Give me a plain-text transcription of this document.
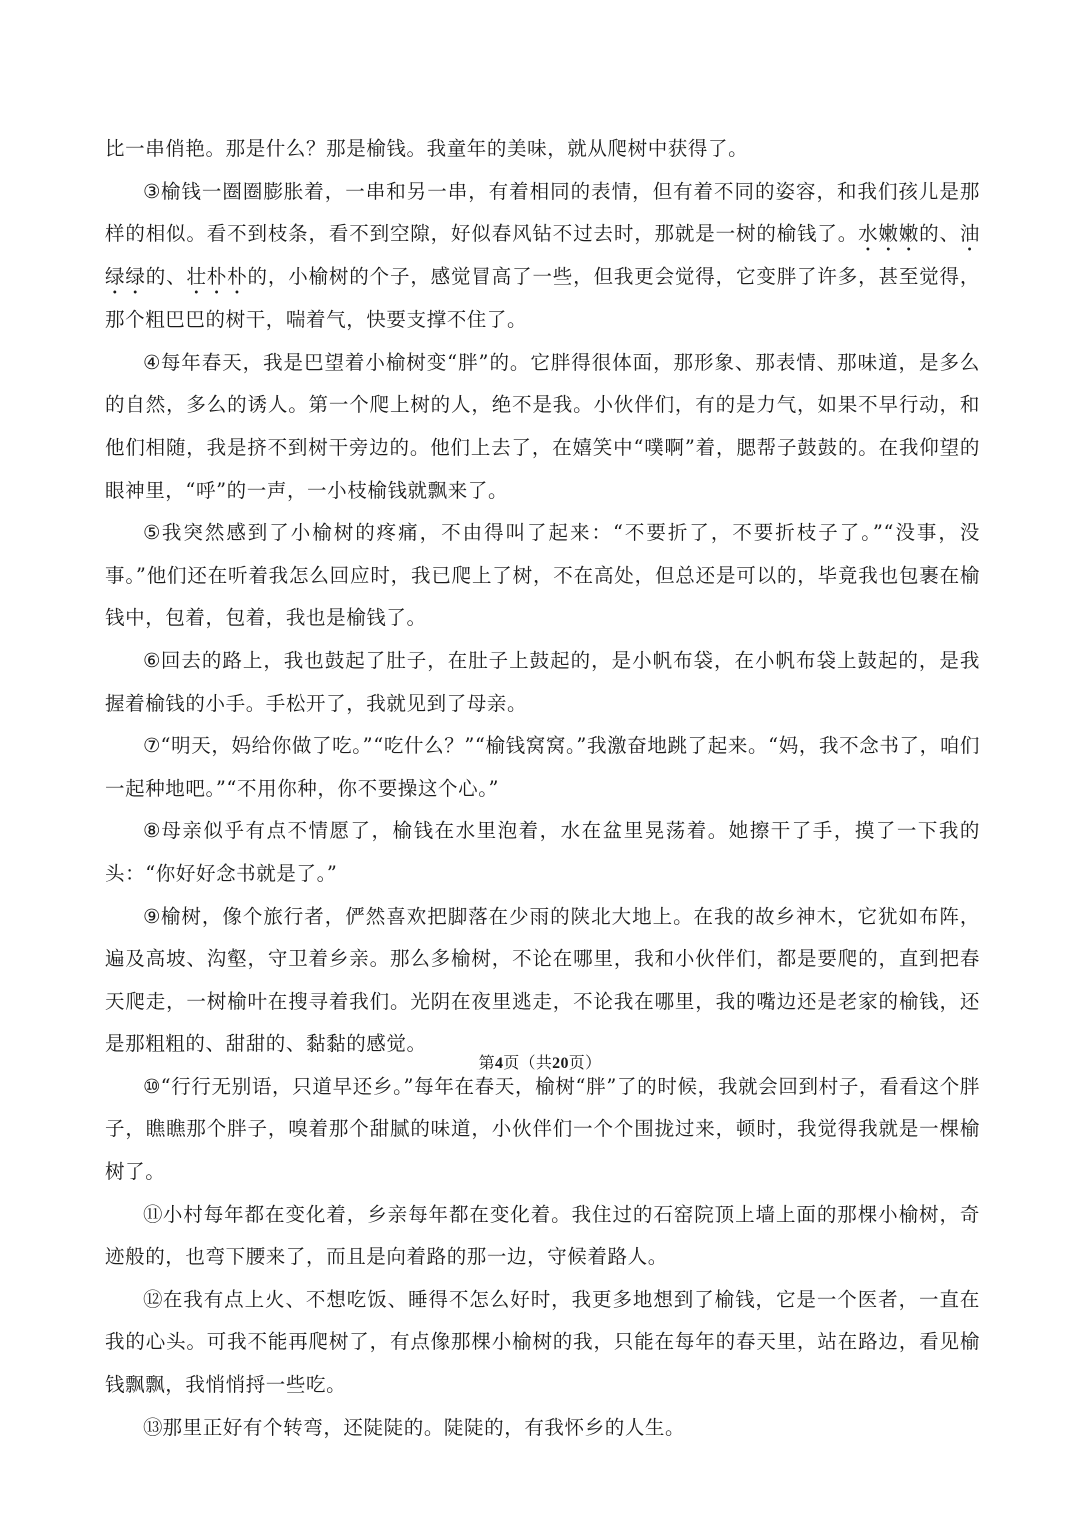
比一串俏艳。那是什么？那是榆钱。我童年的美味，就从爬树中获得了。

③榆钱一圈圈膨胀着，一串和另一串，有着相同的表情，但有着不同的姿容，和我们孩儿是那样的相似。看不到枝条，看不到空隙，好似春风钻不过去时，那就是一树的榆钱了。水嫩嫩的、油绿绿的、壮朴朴的，小榆树的个子，感觉冒高了一些，但我更会觉得，它变胖了许多，甚至觉得，那个粗巴巴的树干，喘着气，快要支撑不住了。

④每年春天，我是巴望着小榆树变“胖”的。它胖得很体面，那形象、那表情、那味道，是多么的自然，多么的诱人。第一个爬上树的人，绝不是我。小伙伴们，有的是力气，如果不早行动，和他们相随，我是挤不到树干旁边的。他们上去了，在嬉笑中“噗啊”着，腮帮子鼓鼓的。在我仰望的眼神里，“呼”的一声，一小枝榆钱就飘来了。

⑤我突然感到了小榆树的疼痛，不由得叫了起来：“不要折了，不要折枝子了。”“没事，没事。”他们还在听着我怎么回应时，我已爬上了树，不在高处，但总还是可以的，毕竟我也包裹在榆钱中，包着，包着，我也是榆钱了。

⑥回去的路上，我也鼓起了肚子，在肚子上鼓起的，是小帆布袋，在小帆布袋上鼓起的，是我握着榆钱的小手。手松开了，我就见到了母亲。

⑦“明天，妈给你做了吃。”“吃什么？”“榆钱窝窝。”我激奋地跳了起来。“妈，我不念书了，咱们一起种地吧。”“不用你种，你不要操这个心。”

⑧母亲似乎有点不情愿了，榆钱在水里泡着，水在盆里晃荡着。她擦干了手，摸了一下我的头：“你好好念书就是了。”

⑨榆树，像个旅行者，俨然喜欢把脚落在少雨的陕北大地上。在我的故乡神木，它犹如布阵，遍及高坡、沟壑，守卫着乡亲。那么多榆树，不论在哪里，我和小伙伴们，都是要爬的，直到把春天爬走，一树榆叶在搜寻着我们。光阴在夜里逃走，不论我在哪里，我的嘴边还是老家的榆钱，还是那粗粗的、甜甜的、黏黏的感觉。

⑩“行行无别语，只道早还乡。”每年在春天，榆树“胖”了的时候，我就会回到村子，看看这个胖子，瞧瞧那个胖子，嗅着那个甜腻的味道，小伙伴们一个个围拢过来，顿时，我觉得我就是一棵榆树了。

⑪小村每年都在变化着，乡亲每年都在变化着。我住过的石窑院顶上墙上面的那棵小榆树，奇迹般的，也弯下腰来了，而且是向着路的那一边，守候着路人。

⑫在我有点上火、不想吃饭、睡得不怎么好时，我更多地想到了榆钱，它是一个医者，一直在我的心头。可我不能再爬树了，有点像那棵小榆树的我，只能在每年的春天里，站在路边，看见榆钱飘飘，我悄悄捋一些吃。

⑬那里正好有个转弯，还陡陡的。陡陡的，有我怀乡的人生。

第4页（共20页）
